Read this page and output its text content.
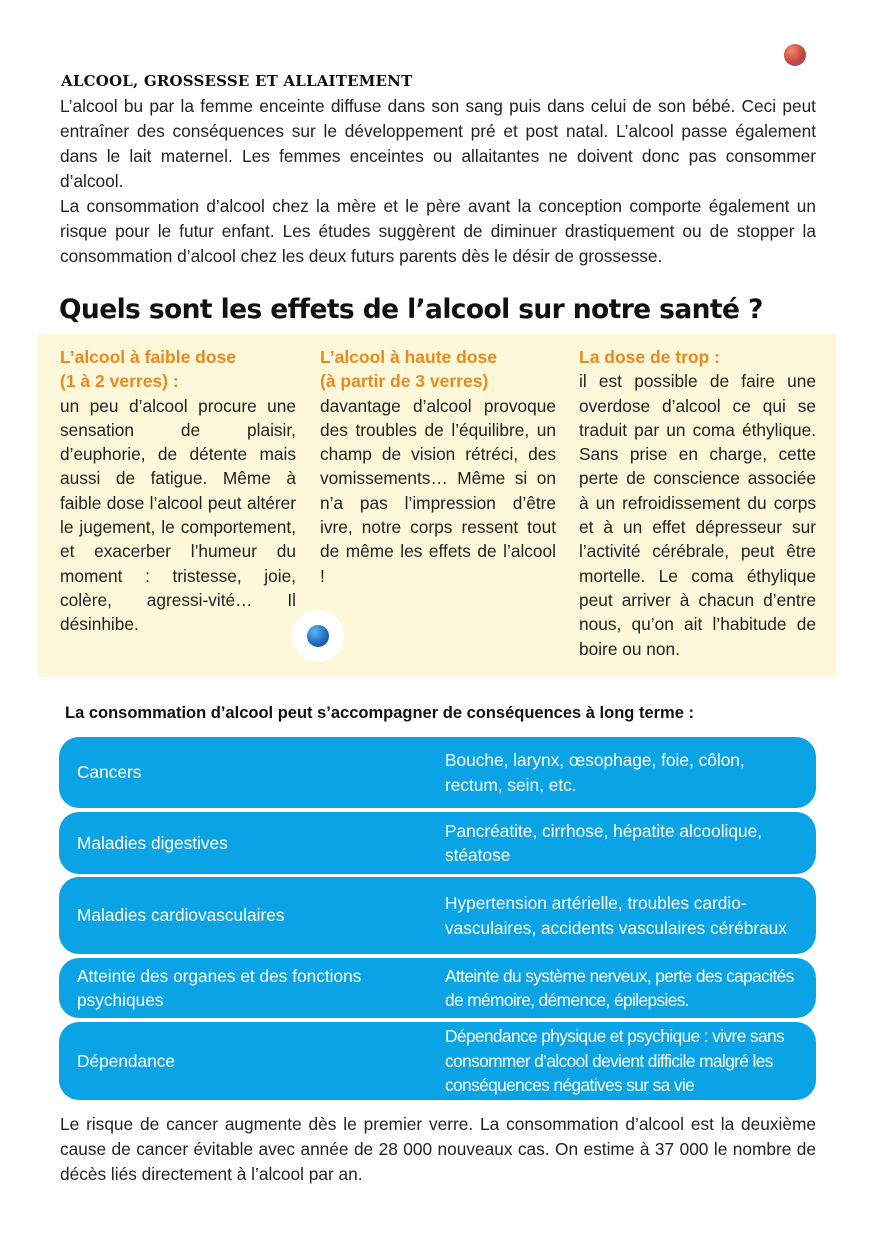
ALCOOL, GROSSESSE ET ALLAITEMENT

L’alcool bu par la femme enceinte diffuse dans son sang puis dans celui de son bébé. Ceci peut entraîner des conséquences sur le développement pré et post natal. L’alcool passe également dans le lait maternel. Les femmes enceintes ou allaitantes ne doivent donc pas consommer d’alcool.

La consommation d’alcool chez la mère et le père avant la conception comporte également un risque pour le futur enfant. Les études suggèrent de diminuer drastiquement ou de stopper la consommation d’alcool chez les deux futurs parents dès le désir de grossesse.

Quels sont les effets de l’alcool sur notre santé ?
L’alcool à faible dose
(1 à 2 verres) :
un peu d’alcool procure une sensation de plaisir, d’euphorie, de détente mais aussi de fatigue. Même à faible dose l’alcool peut altérer le jugement, le comportement, et exacerber l’humeur du moment : tristesse, joie, colère, agressi-vité… Il désinhibe.
L’alcool à haute dose
(à partir de 3 verres)
davantage d’alcool provoque des troubles de l’équilibre, un champ de vision rétréci, des vomissements… Même si on n’a pas l’impression d’être ivre, notre corps ressent tout de même les effets de l’alcool !
La dose de trop :
il est possible de faire une overdose d’alcool ce qui se traduit par un coma éthylique. Sans prise en charge, cette perte de conscience associée à un refroidissement du corps et à un effet dépresseur sur l’activité cérébrale, peut être mortelle. Le coma éthylique peut arriver à chacun d’entre nous, qu’on ait l’habitude de boire ou non.
La consommation d’alcool peut s’accompagner de conséquences à long terme :
Cancers
Bouche, larynx, œsophage, foie, côlon, rectum, sein, etc.
Maladies digestives
Pancréatite, cirrhose, hépatite alcoolique, stéatose
Maladies cardiovasculaires
Hypertension artérielle, troubles cardio-vasculaires, accidents vasculaires cérébraux
Atteinte des organes et des fonctions psychiques
Atteinte du système nerveux, perte des capacités de mémoire, démence, épilepsies.
Dépendance
Dépendance physique et psychique : vivre sans consommer d’alcool devient difficile malgré les conséquences négatives sur sa vie
Le risque de cancer augmente dès le premier verre. La consommation d’alcool est la deuxième cause de cancer évitable avec année de 28 000 nouveaux cas. On estime à 37 000 le nombre de décès liés directement à l’alcool par an.
